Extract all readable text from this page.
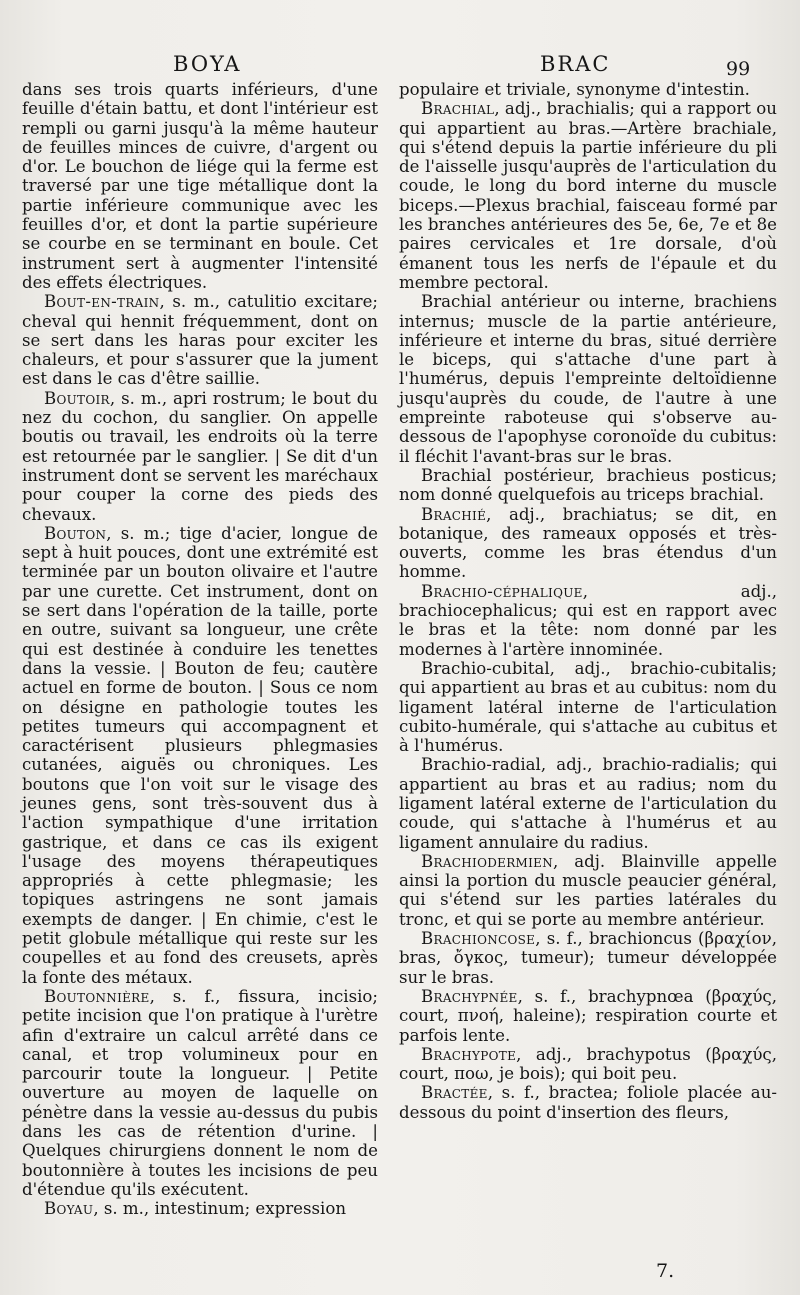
BOYA	BRAC	99

dans ses trois quarts inférieurs, d'une feuille d'étain battu, et dont l'intérieur est rempli ou garni jusqu'à la même hauteur de feuilles minces de cuivre, d'argent ou d'or. Le bouchon de liége qui la ferme est traversé par une tige métallique dont la partie inférieure communique avec les feuilles d'or, et dont la partie supérieure se courbe en se terminant en boule. Cet instrument sert à augmenter l'intensité des effets électriques.

Bout-en-train, s. m., catulitio excitare; cheval qui hennit fréquemment, dont on se sert dans les haras pour exciter les chaleurs, et pour s'assurer que la jument est dans le cas d'être saillie.

Boutoir, s. m., apri rostrum; le bout du nez du cochon, du sanglier. On appelle boutis ou travail, les endroits où la terre est retournée par le sanglier. | Se dit d'un instrument dont se servent les maréchaux pour couper la corne des pieds des chevaux.

Bouton, s. m.; tige d'acier, longue de sept à huit pouces, dont une extrémité est terminée par un bouton olivaire et l'autre par une curette. Cet instrument, dont on se sert dans l'opération de la taille, porte en outre, suivant sa longueur, une crête qui est destinée à conduire les tenettes dans la vessie. | Bouton de feu; cautère actuel en forme de bouton. | Sous ce nom on désigne en pathologie toutes les petites tumeurs qui accompagnent et caractérisent plusieurs phlegmasies cutanées, aiguës ou chroniques. Les boutons que l'on voit sur le visage des jeunes gens, sont très-souvent dus à l'action sympathique d'une irritation gastrique, et dans ce cas ils exigent l'usage des moyens thérapeutiques appropriés à cette phlegmasie; les topiques astringens ne sont jamais exempts de danger. | En chimie, c'est le petit globule métallique qui reste sur les coupelles et au fond des creusets, après la fonte des métaux.

Boutonnière, s. f., fissura, incisio; petite incision que l'on pratique à l'urètre afin d'extraire un calcul arrêté dans ce canal, et trop volumineux pour en parcourir toute la longueur. | Petite ouverture au moyen de laquelle on pénètre dans la vessie au-dessus du pubis dans les cas de rétention d'urine. | Quelques chirurgiens donnent le nom de boutonnière à toutes les incisions de peu d'étendue qu'ils exécutent.

Boyau, s. m., intestinum; expression

populaire et triviale, synonyme d'intestin.

Brachial, adj., brachialis; qui a rapport ou qui appartient au bras.—Artère brachiale, qui s'étend depuis la partie inférieure du pli de l'aisselle jusqu'auprès de l'articulation du coude, le long du bord interne du muscle biceps.—Plexus brachial, faisceau formé par les branches antérieures des 5e, 6e, 7e et 8e paires cervicales et 1re dorsale, d'où émanent tous les nerfs de l'épaule et du membre pectoral.

Brachial antérieur ou interne, brachiens internus; muscle de la partie antérieure, inférieure et interne du bras, situé derrière le biceps, qui s'attache d'une part à l'humérus, depuis l'empreinte deltoïdienne jusqu'auprès du coude, de l'autre à une empreinte raboteuse qui s'observe au-dessous de l'apophyse coronoïde du cubitus: il fléchit l'avant-bras sur le bras.

Brachial postérieur, brachieus posticus; nom donné quelquefois au triceps brachial.

Brachié, adj., brachiatus; se dit, en botanique, des rameaux opposés et très-ouverts, comme les bras étendus d'un homme.

Brachio-céphalique, adj., brachiocephalicus; qui est en rapport avec le bras et la tête: nom donné par les modernes à l'artère innominée.

Brachio-cubital, adj., brachio-cubitalis; qui appartient au bras et au cubitus: nom du ligament latéral interne de l'articulation cubito-humérale, qui s'attache au cubitus et à l'humérus.

Brachio-radial, adj., brachio-radialis; qui appartient au bras et au radius; nom du ligament latéral externe de l'articulation du coude, qui s'attache à l'humérus et au ligament annulaire du radius.

Brachiodermien, adj. Blainville appelle ainsi la portion du muscle peaucier général, qui s'étend sur les parties latérales du tronc, et qui se porte au membre antérieur.

Brachioncose, s. f., brachioncus (βραχίον, bras, ὄγκος, tumeur); tumeur développée sur le bras.

Brachypnée, s. f., brachypnœa (βραχύς, court, πνοή, haleine); respiration courte et parfois lente.

Brachypote, adj., brachypotus (βραχύς, court, ποω, je bois); qui boit peu.

Bractée, s. f., bractea; foliole placée au-dessous du point d'insertion des fleurs,

7.
